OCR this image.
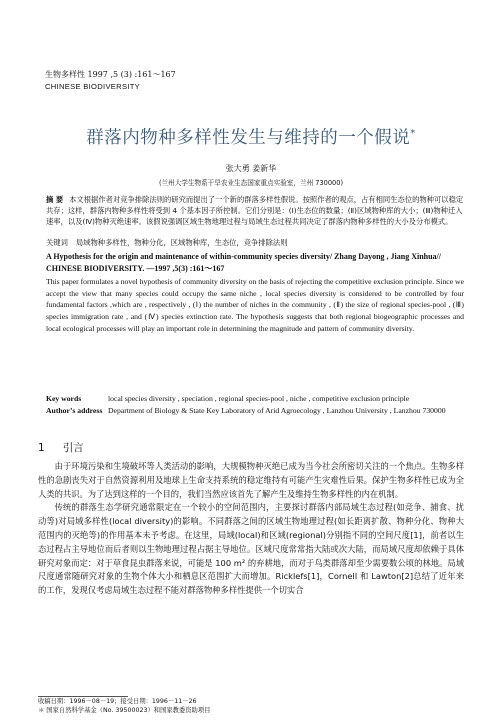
生物多样性 1997 ,5 (3) :161～167
CHINESE BIODIVERSITY
群落内物种多样性发生与维持的一个假说*
张大勇 姜新华
(兰州大学生物系干旱农业生态国家重点实验室，兰州 730000)
摘 要 本文根据作者对竞争排除法则的研究而提出了一个新的群落多样性假说。按照作者的观点，占有相同生态位的物种可以稳定共存；这样，群落内物种多样性将受到 4 个基本因子所控制。它们分别是：(Ⅰ)生态位的数量；(Ⅱ)区域物种库的大小；(Ⅲ)物种迁入速率，以及(Ⅳ)物种灭绝速率。该假说强调区域生物地理过程与局域生态过程共同决定了群落内物种多样性的大小及分布模式。
关键词 局域物种多样性，物种分化，区域物种库，生态位，竞争排除法则
A Hypothesis for the origin and maintenance of within-community species diversity/ Zhang Dayong , Jiang Xinhua// CHINESE BIODIVERSITY. —1997 ,5(3) :161～167
This paper formulates a novel hypothesis of community diversity on the basis of rejecting the competitive exclusion principle. Since we accept the view that many species could occupy the same niche , local species diversity is considered to be controlled by four fundamental factors ,which are , respectively , (Ⅰ) the number of niches in the community , (Ⅱ) the size of regional species-pool , (Ⅲ) species immigration rate , and (Ⅳ) species extinction rate. The hypothesis suggests that both regional biogeographic processes and local ecological processes will play an important role in determining the magnitude and pattern of community diversity.
Key words	local species diversity , speciation , regional species-pool , niche , competitive exclusion principle
Author’s address Department of Biology & State Key Laboratory of Arid Agroecology , Lanzhou University , Lanzhou 730000
1 引言

由于环境污染和生境破坏等人类活动的影响，大规模物种灭绝已成为当今社会所密切关注的一个焦点。生物多样性的急剧丧失对于自然资源利用及地球上生命支持系统的稳定维持有可能产生灾难性后果。保护生物多样性已成为全人类的共识。为了达到这样的一个目的，我们当然应该首先了解产生及维持生物多样性的内在机制。

传统的群落生态学研究通常限定在一个较小的空间范围内，主要探讨群落内部局域生态过程(如竞争、捕食、扰动等)对局域多样性(local diversity)的影响。不同群落之间的区域生物地理过程(如长距离扩散、物种分化、物种大范围内的灭绝等)的作用基本未予考虑。在这里，局域(local)和区域(regional)分别指不同的空间尺度[1]，前者以生态过程占主导地位而后者则以生物地理过程占据主导地位。区域尺度常常指大陆或次大陆，而局域尺度却依赖于具体研究对象而定：对于草食昆虫群落来说，可能是 100 m² 的弃耕地，而对于鸟类群落却至少需要数公顷的林地。局域尺度通常随研究对象的生物个体大小和栖息区范围扩大而增加。Ricklefs[1]，Cornell 和 Lawton[2]总结了近年来的工作，发现仅考虑局域生态过程不能对群落物种多样性提供一个切实合

收稿日期：1996－08－19；接受日期：1996－11－26
＊ 国家自然科学基金（No. 39500023）和国家教委资助项目
